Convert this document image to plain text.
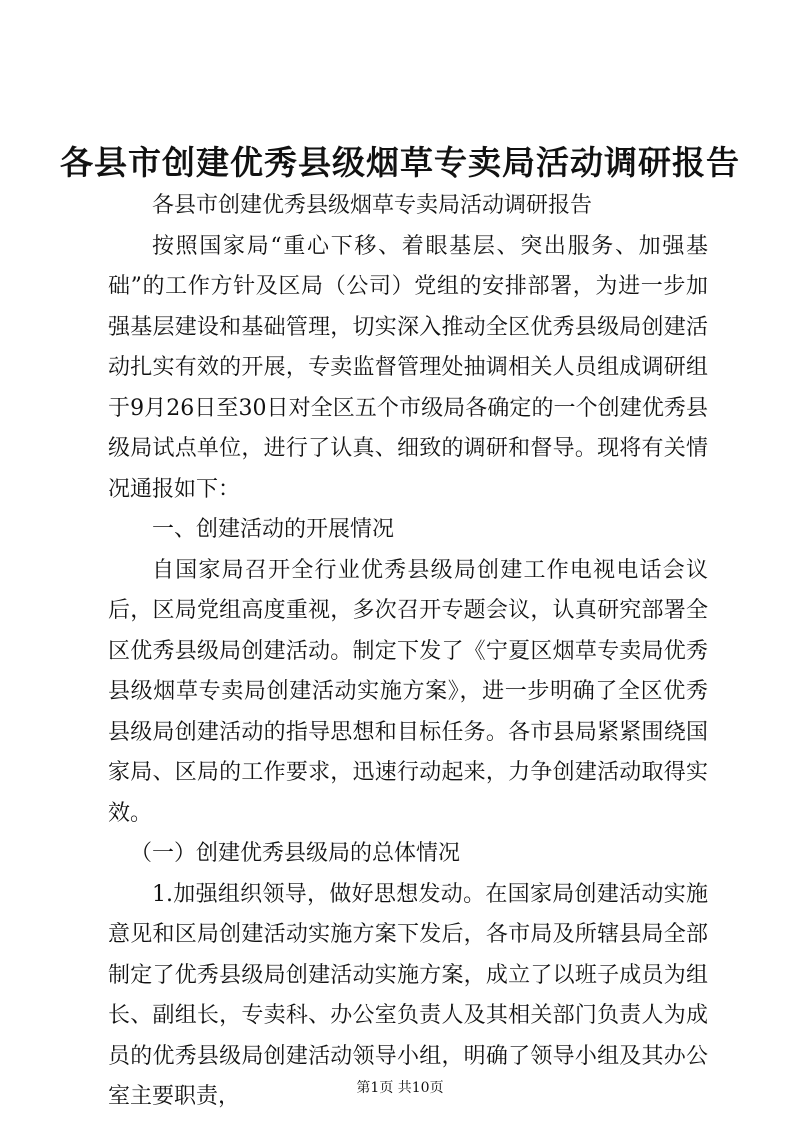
各县市创建优秀县级烟草专卖局活动调研报告

各县市创建优秀县级烟草专卖局活动调研报告

按照国家局“重心下移、着眼基层、突出服务、加强基础”的工作方针及区局（公司）党组的安排部署，为进一步加强基层建设和基础管理，切实深入推动全区优秀县级局创建活动扎实有效的开展，专卖监督管理处抽调相关人员组成调研组于9月26日至30日对全区五个市级局各确定的一个创建优秀县级局试点单位，进行了认真、细致的调研和督导。现将有关情况通报如下：

一、创建活动的开展情况

自国家局召开全行业优秀县级局创建工作电视电话会议后，区局党组高度重视，多次召开专题会议，认真研究部署全区优秀县级局创建活动。制定下发了《宁夏区烟草专卖局优秀县级烟草专卖局创建活动实施方案》，进一步明确了全区优秀县级局创建活动的指导思想和目标任务。各市县局紧紧围绕国家局、区局的工作要求，迅速行动起来，力争创建活动取得实效。

（一）创建优秀县级局的总体情况

1.加强组织领导，做好思想发动。在国家局创建活动实施意见和区局创建活动实施方案下发后，各市局及所辖县局全部制定了优秀县级局创建活动实施方案，成立了以班子成员为组长、副组长，专卖科、办公室负责人及其相关部门负责人为成员的优秀县级局创建活动领导小组，明确了领导小组及其办公室主要职责，	第1页 共10页
